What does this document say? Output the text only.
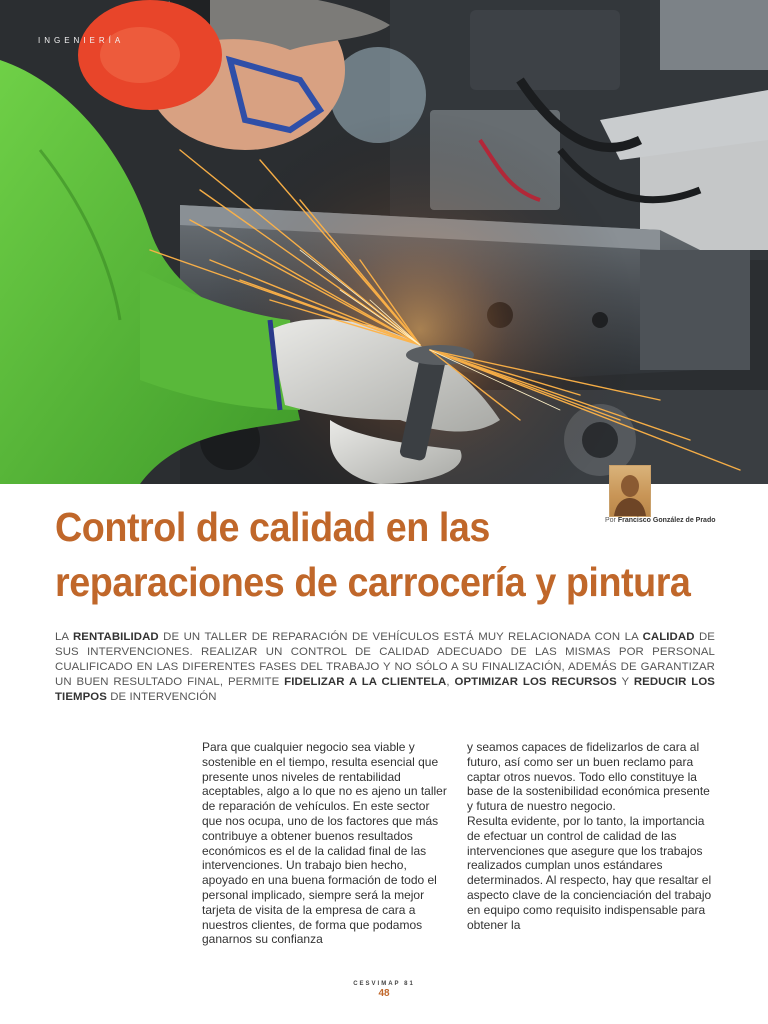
INGENIERÍA
Por Francisco González de Prado
Control de calidad en las
reparaciones de carrocería y pintura
LA RENTABILIDAD DE UN TALLER DE REPARACIÓN DE VEHÍCULOS ESTÁ MUY RELACIONADA CON LA CALIDAD DE SUS INTERVENCIONES. REALIZAR UN CONTROL DE CALIDAD ADECUADO DE LAS MISMAS POR PERSONAL CUALIFICADO EN LAS DIFERENTES FASES DEL TRABAJO Y NO SÓLO A SU FINALIZACIÓN, ADEMÁS DE GARANTIZAR UN BUEN RESULTADO FINAL, PERMITE FIDELIZAR A LA CLIENTELA, OPTIMIZAR LOS RECURSOS Y REDUCIR LOS TIEMPOS DE INTERVENCIÓN

Para que cualquier negocio sea viable y sostenible en el tiempo, resulta esencial que presente unos niveles de rentabilidad aceptables, algo a lo que no es ajeno un taller de reparación de vehículos. En este sector que nos ocupa, uno de los factores que más contribuye a obtener buenos resultados económicos es el de la calidad final de las intervenciones. Un trabajo bien hecho, apoyado en una buena formación de todo el personal implicado, siempre será la mejor tarjeta de visita de la empresa de cara a nuestros clientes, de forma que podamos ganarnos su confianza

y seamos capaces de fidelizarlos de cara al futuro, así como ser un buen reclamo para captar otros nuevos. Todo ello constituye la base de la sostenibilidad económica presente y futura de nuestro negocio.

Resulta evidente, por lo tanto, la importancia de efectuar un control de calidad de las intervenciones que asegure que los trabajos realizados cumplan unos estándares determinados. Al respecto, hay que resaltar el aspecto clave de la concienciación del trabajo en equipo como requisito indispensable para obtener la

CESVIMAP 81
48
